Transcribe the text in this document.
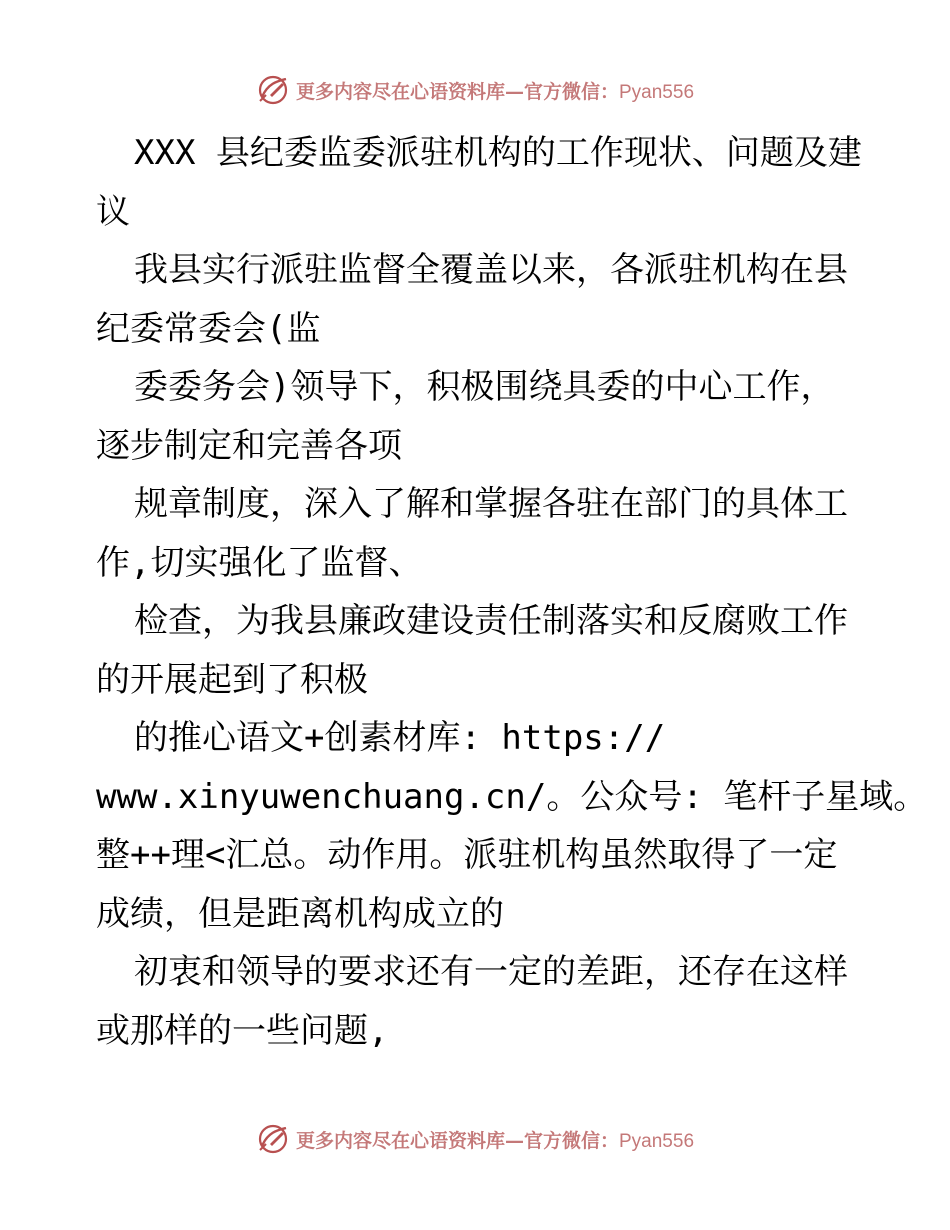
更多内容尽在心语资料库—官方微信：Pyan556
XXX 县纪委监委派驻机构的工作现状、问题及建
议
我县实行派驻监督全覆盖以来，各派驻机构在县
纪委常委会(监
委委务会)领导下，积极围绕具委的中心工作，
逐步制定和完善各项
规章制度，深入了解和掌握各驻在部门的具体工
作,切实强化了监督、
检查，为我县廉政建设责任制落实和反腐败工作
的开展起到了积极
的推心语文+创素材库: https://
www.xinyuwenchuang.cn/。公众号: 笔杆子星域。
整++理<汇总。动作用。派驻机构虽然取得了一定
成绩，但是距离机构成立的
初衷和领导的要求还有一定的差距，还存在这样
或那样的一些问题,
更多内容尽在心语资料库—官方微信：Pyan556
